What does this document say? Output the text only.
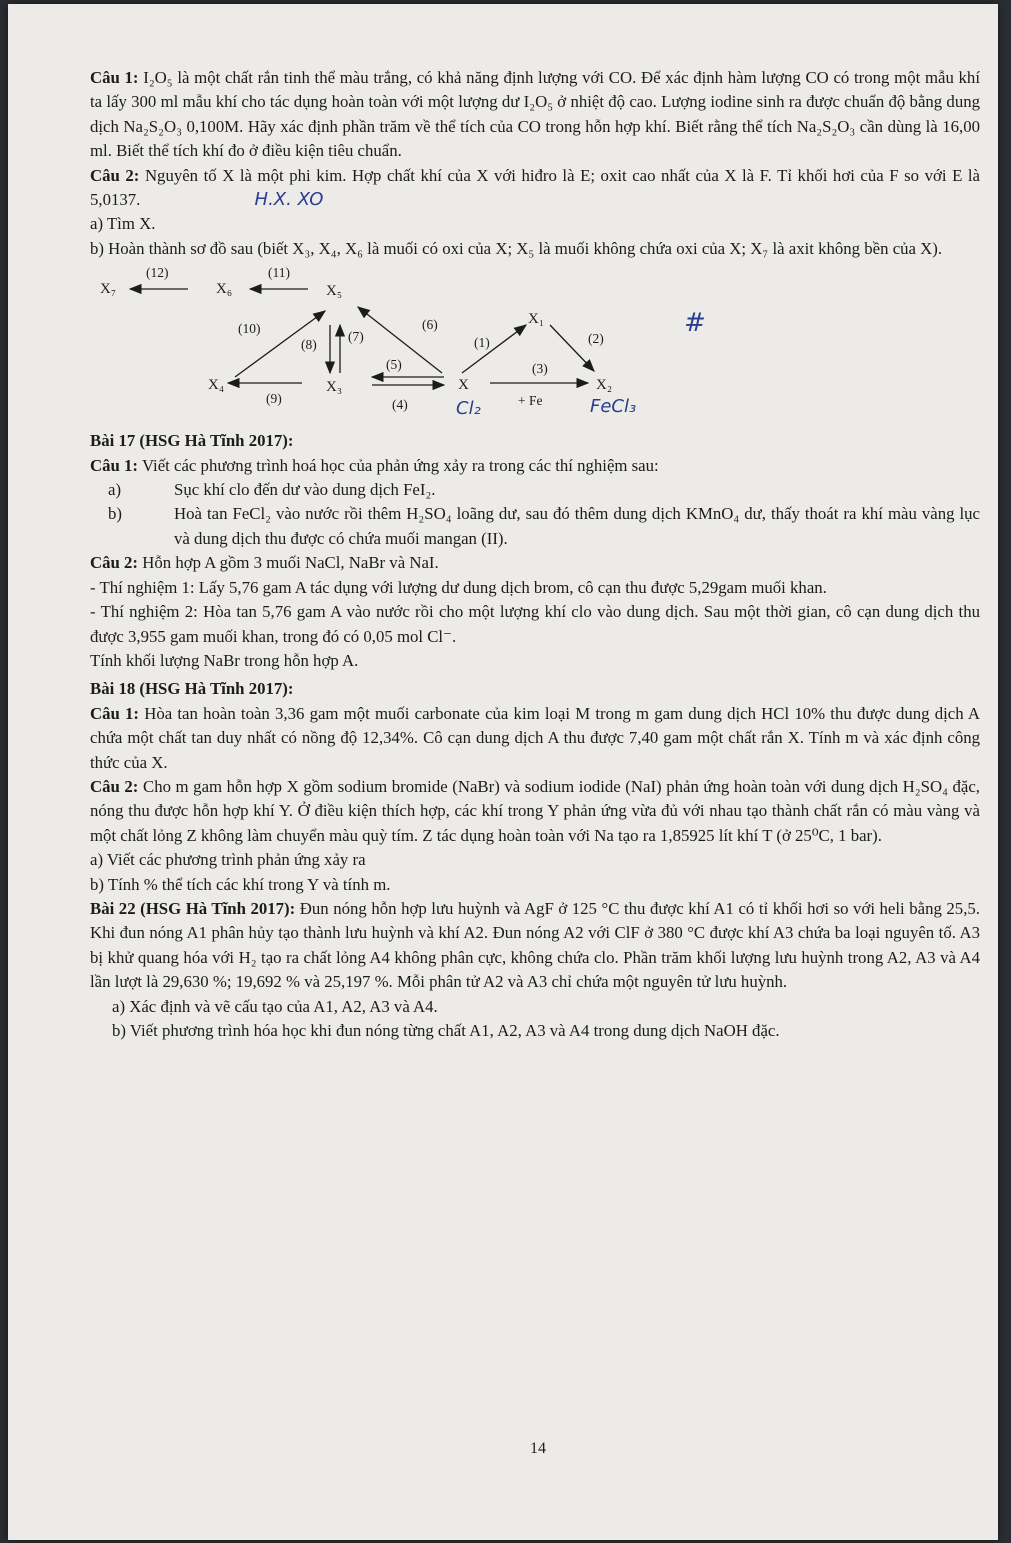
Câu 1: I₂O₅ là một chất rắn tinh thể màu trắng, có khả năng định lượng với CO. Để xác định hàm lượng CO có trong một mẫu khí ta lấy 300 ml mẫu khí cho tác dụng hoàn toàn với một lượng dư I₂O₅ ở nhiệt độ cao. Lượng iodine sinh ra được chuẩn độ bằng dung dịch Na₂S₂O₃ 0,100M. Hãy xác định phần trăm về thể tích của CO trong hỗn hợp khí. Biết rằng thể tích Na₂S₂O₃ cần dùng là 16,00 ml. Biết thể tích khí đo ở điều kiện tiêu chuẩn.

Câu 2: Nguyên tố X là một phi kim. Hợp chất khí của X với hiđro là E; oxit cao nhất của X là F. Tỉ khối hơi của F so với E là 5,0137.	H.X. XO

a) Tìm X.

b) Hoàn thành sơ đồ sau (biết X₃, X₄, X₆ là muối có oxi của X; X₅ là muối không chứa oxi của X; X₇ là axit không bền của X).

X₇
(12)
X₆
(11)
X₅
(10)	(6)
(8)
(7)
X₁
(1)	(2)
(5)	(3)
X₄	X₃	X	X₂
(9)	(4)	+ Fe
#
Cl₂	FeCl₃

Bài 17 (HSG Hà Tĩnh 2017):

Câu 1: Viết các phương trình hoá học của phản ứng xảy ra trong các thí nghiệm sau:

a)	Sục khí clo đến dư vào dung dịch FeI₂.
b)	Hoà tan FeCl₂ vào nước rồi thêm H₂SO₄ loãng dư, sau đó thêm dung dịch KMnO₄ dư, thấy thoát ra khí màu vàng lục và dung dịch thu được có chứa muối mangan (II).

Câu 2: Hỗn hợp A gồm 3 muối NaCl, NaBr và NaI.

- Thí nghiệm 1: Lấy 5,76 gam A tác dụng với lượng dư dung dịch brom, cô cạn thu được 5,29gam muối khan.

- Thí nghiệm 2: Hòa tan 5,76 gam A vào nước rồi cho một lượng khí clo vào dung dịch. Sau một thời gian, cô cạn dung dịch thu được 3,955 gam muối khan, trong đó có 0,05 mol Cl⁻.

Tính khối lượng NaBr trong hỗn hợp A.

Bài 18 (HSG Hà Tĩnh 2017):

Câu 1: Hòa tan hoàn toàn 3,36 gam một muối carbonate của kim loại M trong m gam dung dịch HCl 10% thu được dung dịch A chứa một chất tan duy nhất có nồng độ 12,34%. Cô cạn dung dịch A thu được 7,40 gam một chất rắn X. Tính m và xác định công thức của X.

Câu 2: Cho m gam hỗn hợp X gồm sodium bromide (NaBr) và sodium iodide (NaI) phản ứng hoàn toàn với dung dịch H₂SO₄ đặc, nóng thu được hỗn hợp khí Y. Ở điều kiện thích hợp, các khí trong Y phản ứng vừa đủ với nhau tạo thành chất rắn có màu vàng và một chất lỏng Z không làm chuyển màu quỳ tím. Z tác dụng hoàn toàn với Na tạo ra 1,85925 lít khí T (ở 25⁰C, 1 bar).

a) Viết các phương trình phản ứng xảy ra

b) Tính % thể tích các khí trong Y và tính m.

Bài 22 (HSG Hà Tĩnh 2017): Đun nóng hỗn hợp lưu huỳnh và AgF ở 125 °C thu được khí A1 có tỉ khối hơi so với heli bằng 25,5. Khi đun nóng A1 phân hủy tạo thành lưu huỳnh và khí A2. Đun nóng A2 với ClF ở 380 °C được khí A3 chứa ba loại nguyên tố. A3 bị khử quang hóa với H₂ tạo ra chất lỏng A4 không phân cực, không chứa clo. Phần trăm khối lượng lưu huỳnh trong A2, A3 và A4 lần lượt là 29,630 %; 19,692 % và 25,197 %. Mỗi phân tử A2 và A3 chỉ chứa một nguyên tử lưu huỳnh.

a) Xác định và vẽ cấu tạo của A1, A2, A3 và A4.

b) Viết phương trình hóa học khi đun nóng từng chất A1, A2, A3 và A4 trong dung dịch NaOH đặc.

14
